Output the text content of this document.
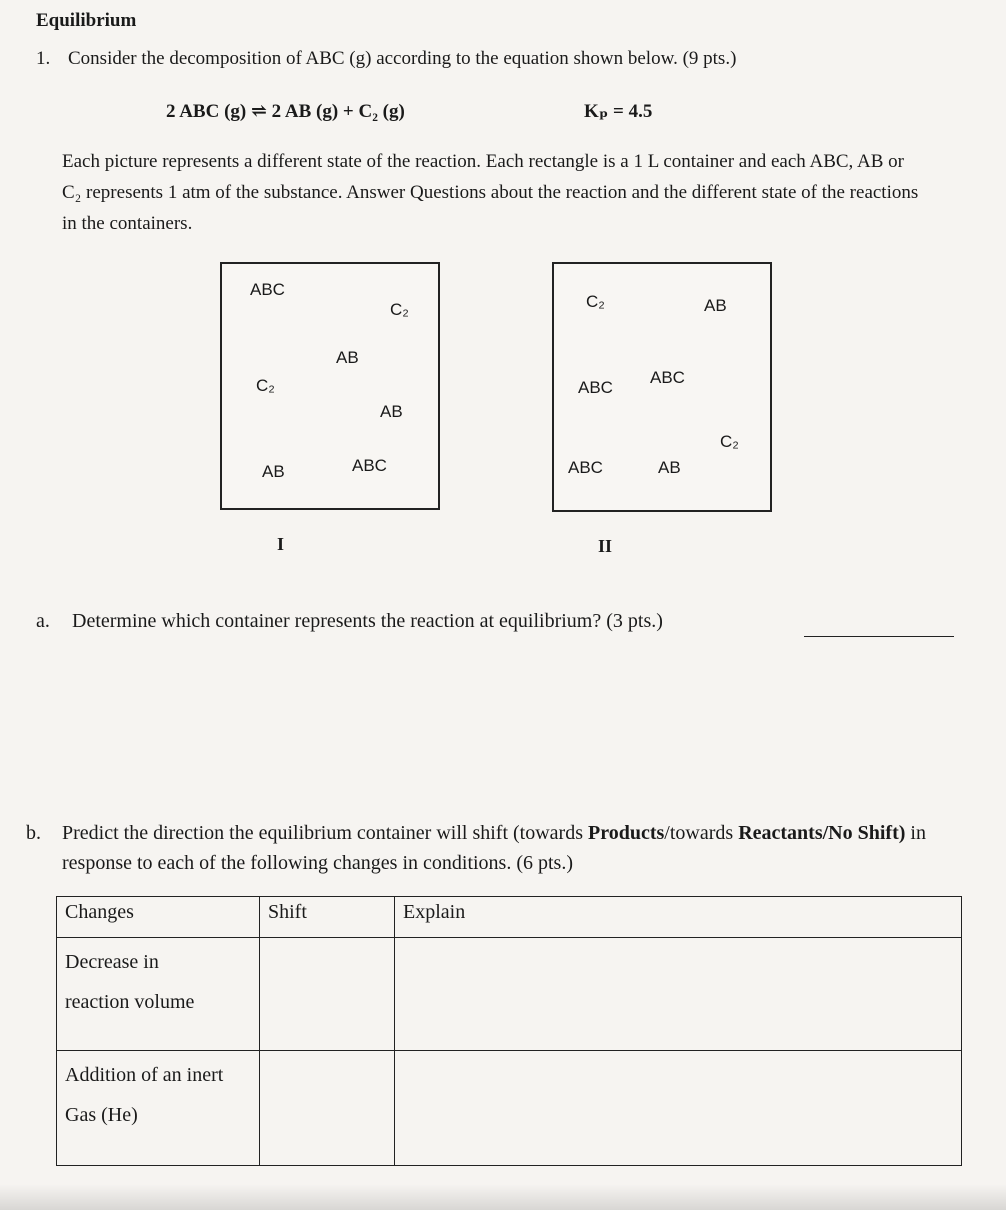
Equilibrium
1. Consider the decomposition of ABC (g) according to the equation shown below. (9 pts.)
2 ABC (g) ⇌ 2 AB (g) + C₂ (g)	Kₚ = 4.5
Each picture represents a different state of the reaction. Each rectangle is a 1 L container and each ABC, AB or C₂ represents 1 atm of the substance. Answer Questions about the reaction and the different state of the reactions in the containers.
ABC
C₂
AB
C₂
AB
AB	ABC
I
C₂	AB
ABC
ABC
C₂
ABC	AB
II
a. Determine which container represents the reaction at equilibrium? (3 pts.)
b. Predict the direction the equilibrium container will shift (towards Products/towards Reactants/No Shift) in response to each of the following changes in conditions. (6 pts.)
Changes	Shift	Explain

Decrease in
reaction volume		

Addition of an inert
Gas (He)		
